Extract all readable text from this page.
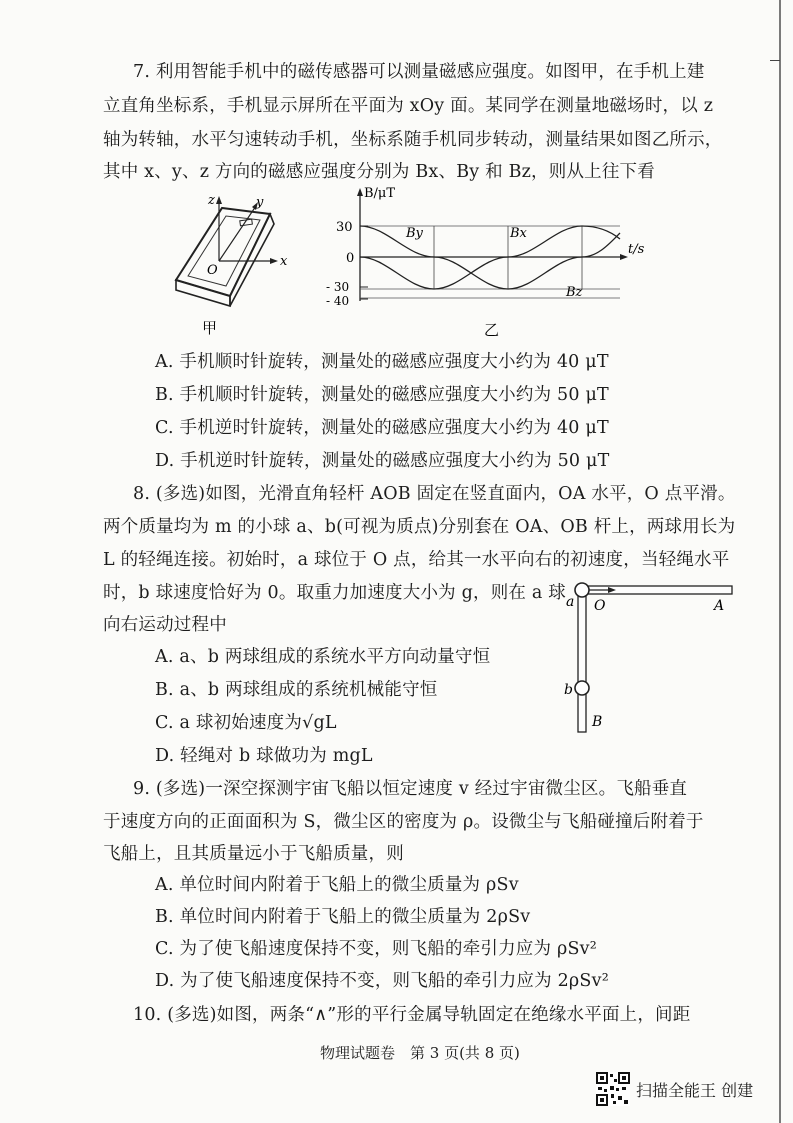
7. 利用智能手机中的磁传感器可以测量磁感应强度。如图甲，在手机上建
立直角坐标系，手机显示屏所在平面为 xOy 面。某同学在测量地磁场时，以 z
轴为转轴，水平匀速转动手机，坐标系随手机同步转动，测量结果如图乙所示，
其中 x、y、z 方向的磁感应强度分别为 Bx、By 和 Bz，则从上往下看
z	y
x
O
甲
B/μT
t/s
30
0
- 30
- 40
By	Bx
Bz
乙
A. 手机顺时针旋转，测量处的磁感应强度大小约为 40 μT
B. 手机顺时针旋转，测量处的磁感应强度大小约为 50 μT
C. 手机逆时针旋转，测量处的磁感应强度大小约为 40 μT
D. 手机逆时针旋转，测量处的磁感应强度大小约为 50 μT
8. (多选)如图，光滑直角轻杆 AOB 固定在竖直面内，OA 水平，O 点平滑。
两个质量均为 m 的小球 a、b(可视为质点)分别套在 OA、OB 杆上，两球用长为
L 的轻绳连接。初始时，a 球位于 O 点，给其一水平向右的初速度，当轻绳水平
时，b 球速度恰好为 0。取重力加速度大小为 g，则在 a 球
向右运动过程中
a O	A
b
B
A. a、b 两球组成的系统水平方向动量守恒
B. a、b 两球组成的系统机械能守恒
C. a 球初始速度为√gL
D. 轻绳对 b 球做功为 mgL
9. (多选)一深空探测宇宙飞船以恒定速度 v 经过宇宙微尘区。飞船垂直
于速度方向的正面面积为 S，微尘区的密度为 ρ。设微尘与飞船碰撞后附着于
飞船上，且其质量远小于飞船质量，则
A. 单位时间内附着于飞船上的微尘质量为 ρSv
B. 单位时间内附着于飞船上的微尘质量为 2ρSv
C. 为了使飞船速度保持不变，则飞船的牵引力应为 ρSv²
D. 为了使飞船速度保持不变，则飞船的牵引力应为 2ρSv²
10. (多选)如图，两条“∧”形的平行金属导轨固定在绝缘水平面上，间距
物理试题卷　第 3 页(共 8 页)
扫描全能王 创建
